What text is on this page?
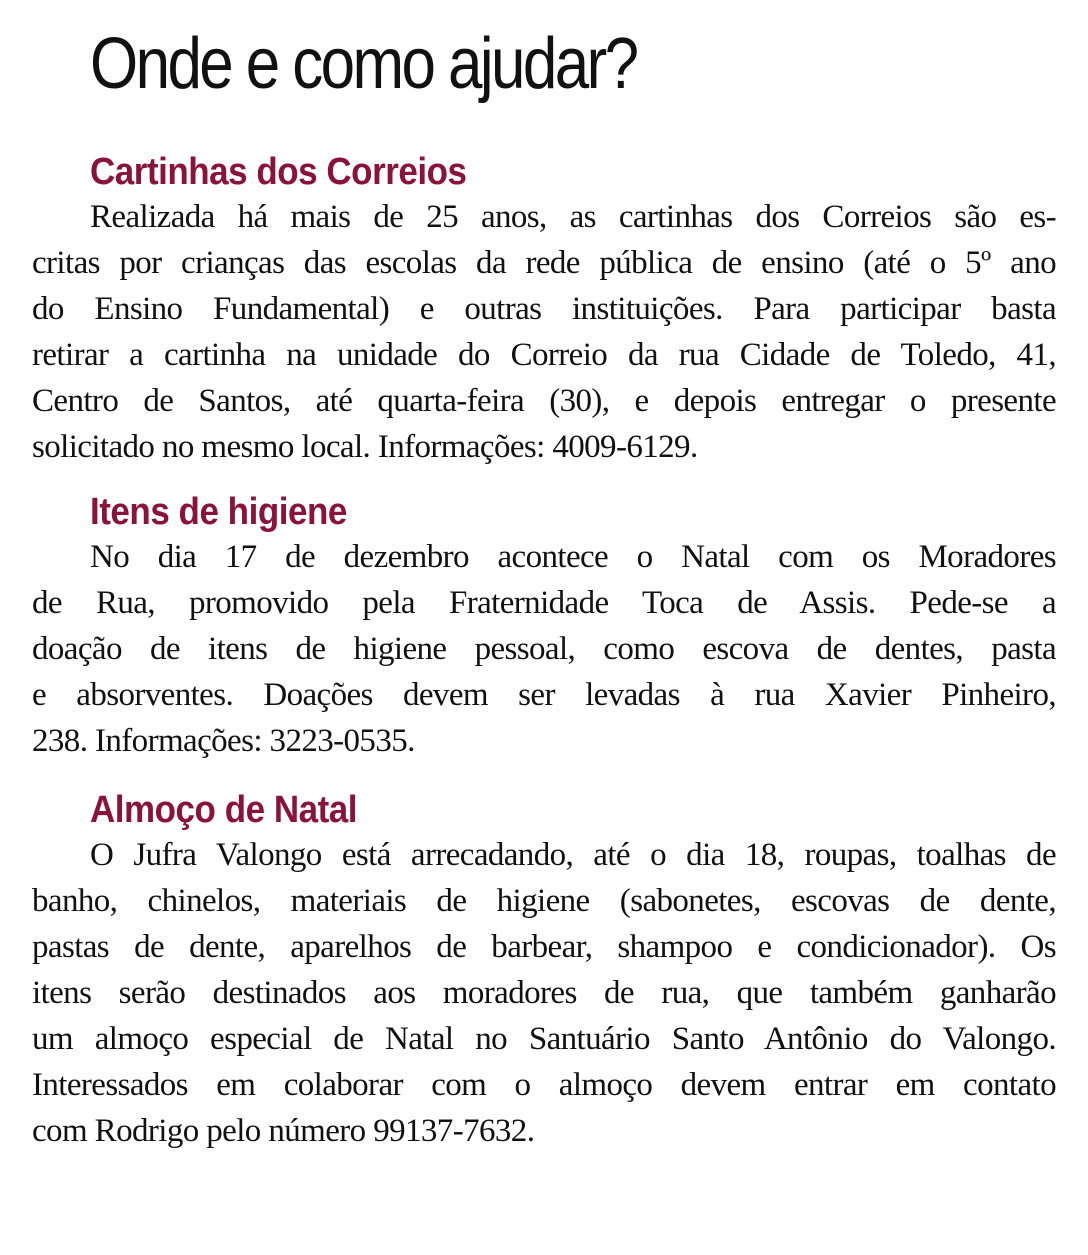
Onde e como ajudar?
Cartinhas dos Correios

Realizada há mais de 25 anos, as cartinhas dos Correios são es-
critas por crianças das escolas da rede pública de ensino (até o 5º ano
do Ensino Fundamental) e outras instituições. Para participar basta
retirar a cartinha na unidade do Correio da rua Cidade de Toledo, 41,
Centro de Santos, até quarta-feira (30), e depois entregar o presente
solicitado no mesmo local. Informações: 4009-6129.

Itens de higiene

No dia 17 de dezembro acontece o Natal com os Moradores
de Rua, promovido pela Fraternidade Toca de Assis. Pede-se a
doação de itens de higiene pessoal, como escova de dentes, pasta
e absorventes. Doações devem ser levadas à rua Xavier Pinheiro,
238. Informações: 3223-0535.

Almoço de Natal

O Jufra Valongo está arrecadando, até o dia 18, roupas, toalhas de
banho, chinelos, materiais de higiene (sabonetes, escovas de dente,
pastas de dente, aparelhos de barbear, shampoo e condicionador). Os
itens serão destinados aos moradores de rua, que também ganharão
um almoço especial de Natal no Santuário Santo Antônio do Valongo.
Interessados em colaborar com o almoço devem entrar em contato
com Rodrigo pelo número 99137-7632.
